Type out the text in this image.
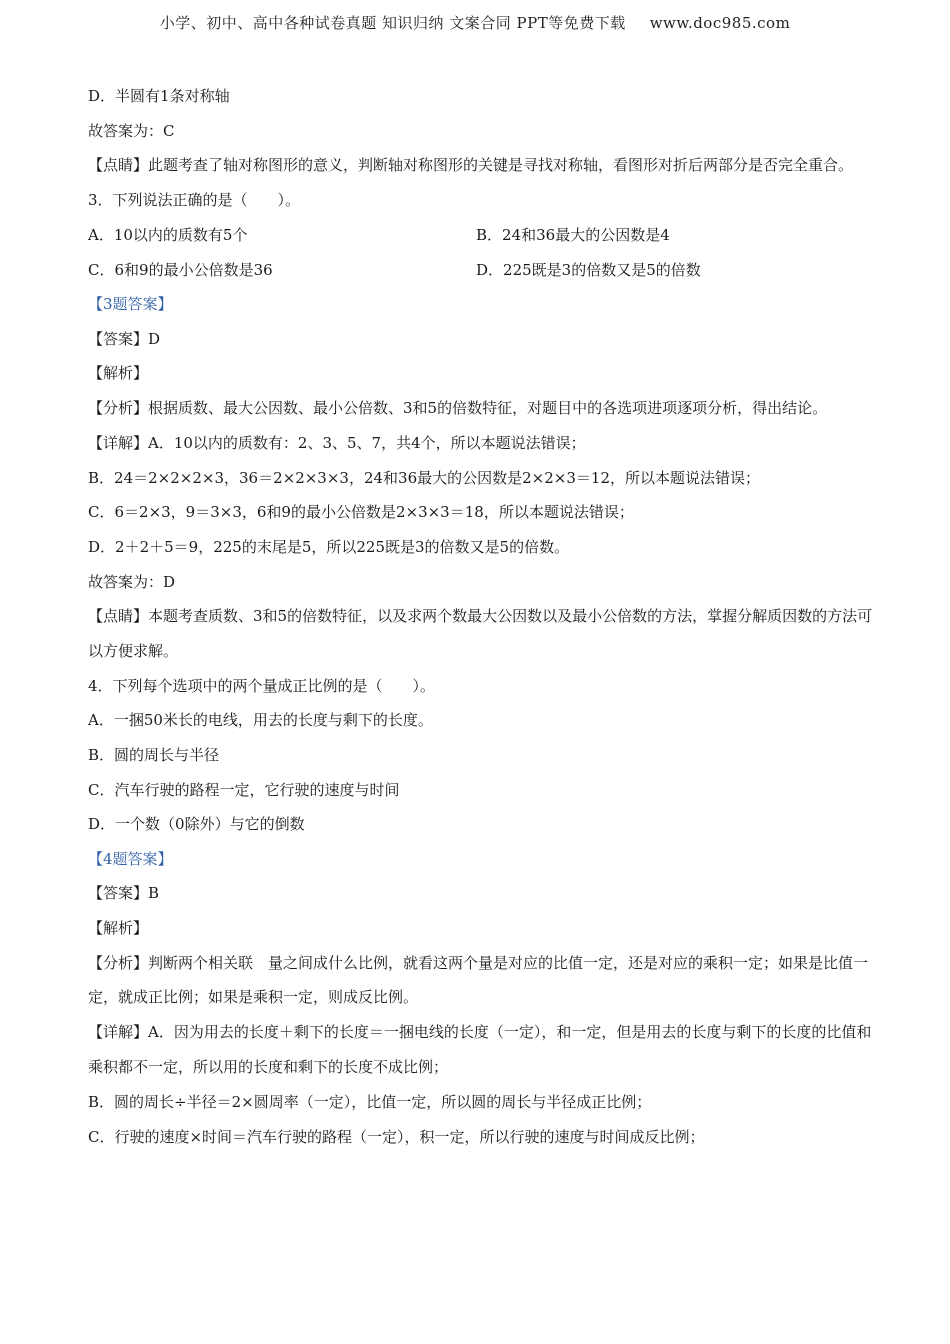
小学、初中、高中各种试卷真题 知识归纳 文案合同 PPT等免费下载 www.doc985.com
D．半圆有1条对称轴
故答案为：C
【点睛】此题考查了轴对称图形的意义，判断轴对称图形的关键是寻找对称轴，看图形对折后两部分是否完全重合。
3．下列说法正确的是（　　）。
A．10以内的质数有5个	B．24和36最大的公因数是4
C．6和9的最小公倍数是36	D．225既是3的倍数又是5的倍数
【3题答案】
【答案】D
【解析】
【分析】根据质数、最大公因数、最小公倍数、3和5的倍数特征，对题目中的各选项进项逐项分析，得出结论。
【详解】A．10以内的质数有：2、3、5、7，共4个，所以本题说法错误；
B．24＝2×2×2×3，36＝2×2×3×3，24和36最大的公因数是2×2×3＝12，所以本题说法错误；
C．6＝2×3，9＝3×3，6和9的最小公倍数是2×3×3＝18，所以本题说法错误；
D．2＋2＋5＝9，225的末尾是5，所以225既是3的倍数又是5的倍数。
故答案为：D
【点睛】本题考查质数、3和5的倍数特征，以及求两个数最大公因数以及最小公倍数的方法，掌握分解质因数的方法可以方便求解。
4．下列每个选项中的两个量成正比例的是（　　）。
A．一捆50米长的电线，用去的长度与剩下的长度。
B．圆的周长与半径
C．汽车行驶的路程一定，它行驶的速度与时间
D．一个数（0除外）与它的倒数
【4题答案】
【答案】B
【解析】
【分析】判断两个相关联　量之间成什么比例，就看这两个量是对应的比值一定，还是对应的乘积一定；如果是比值一定，就成正比例；如果是乘积一定，则成反比例。
【详解】A．因为用去的长度＋剩下的长度＝一捆电线的长度（一定），和一定，但是用去的长度与剩下的长度的比值和乘积都不一定，所以用的长度和剩下的长度不成比例；
B．圆的周长÷半径＝2×圆周率（一定），比值一定，所以圆的周长与半径成正比例；
C．行驶的速度×时间＝汽车行驶的路程（一定），积一定，所以行驶的速度与时间成反比例；
